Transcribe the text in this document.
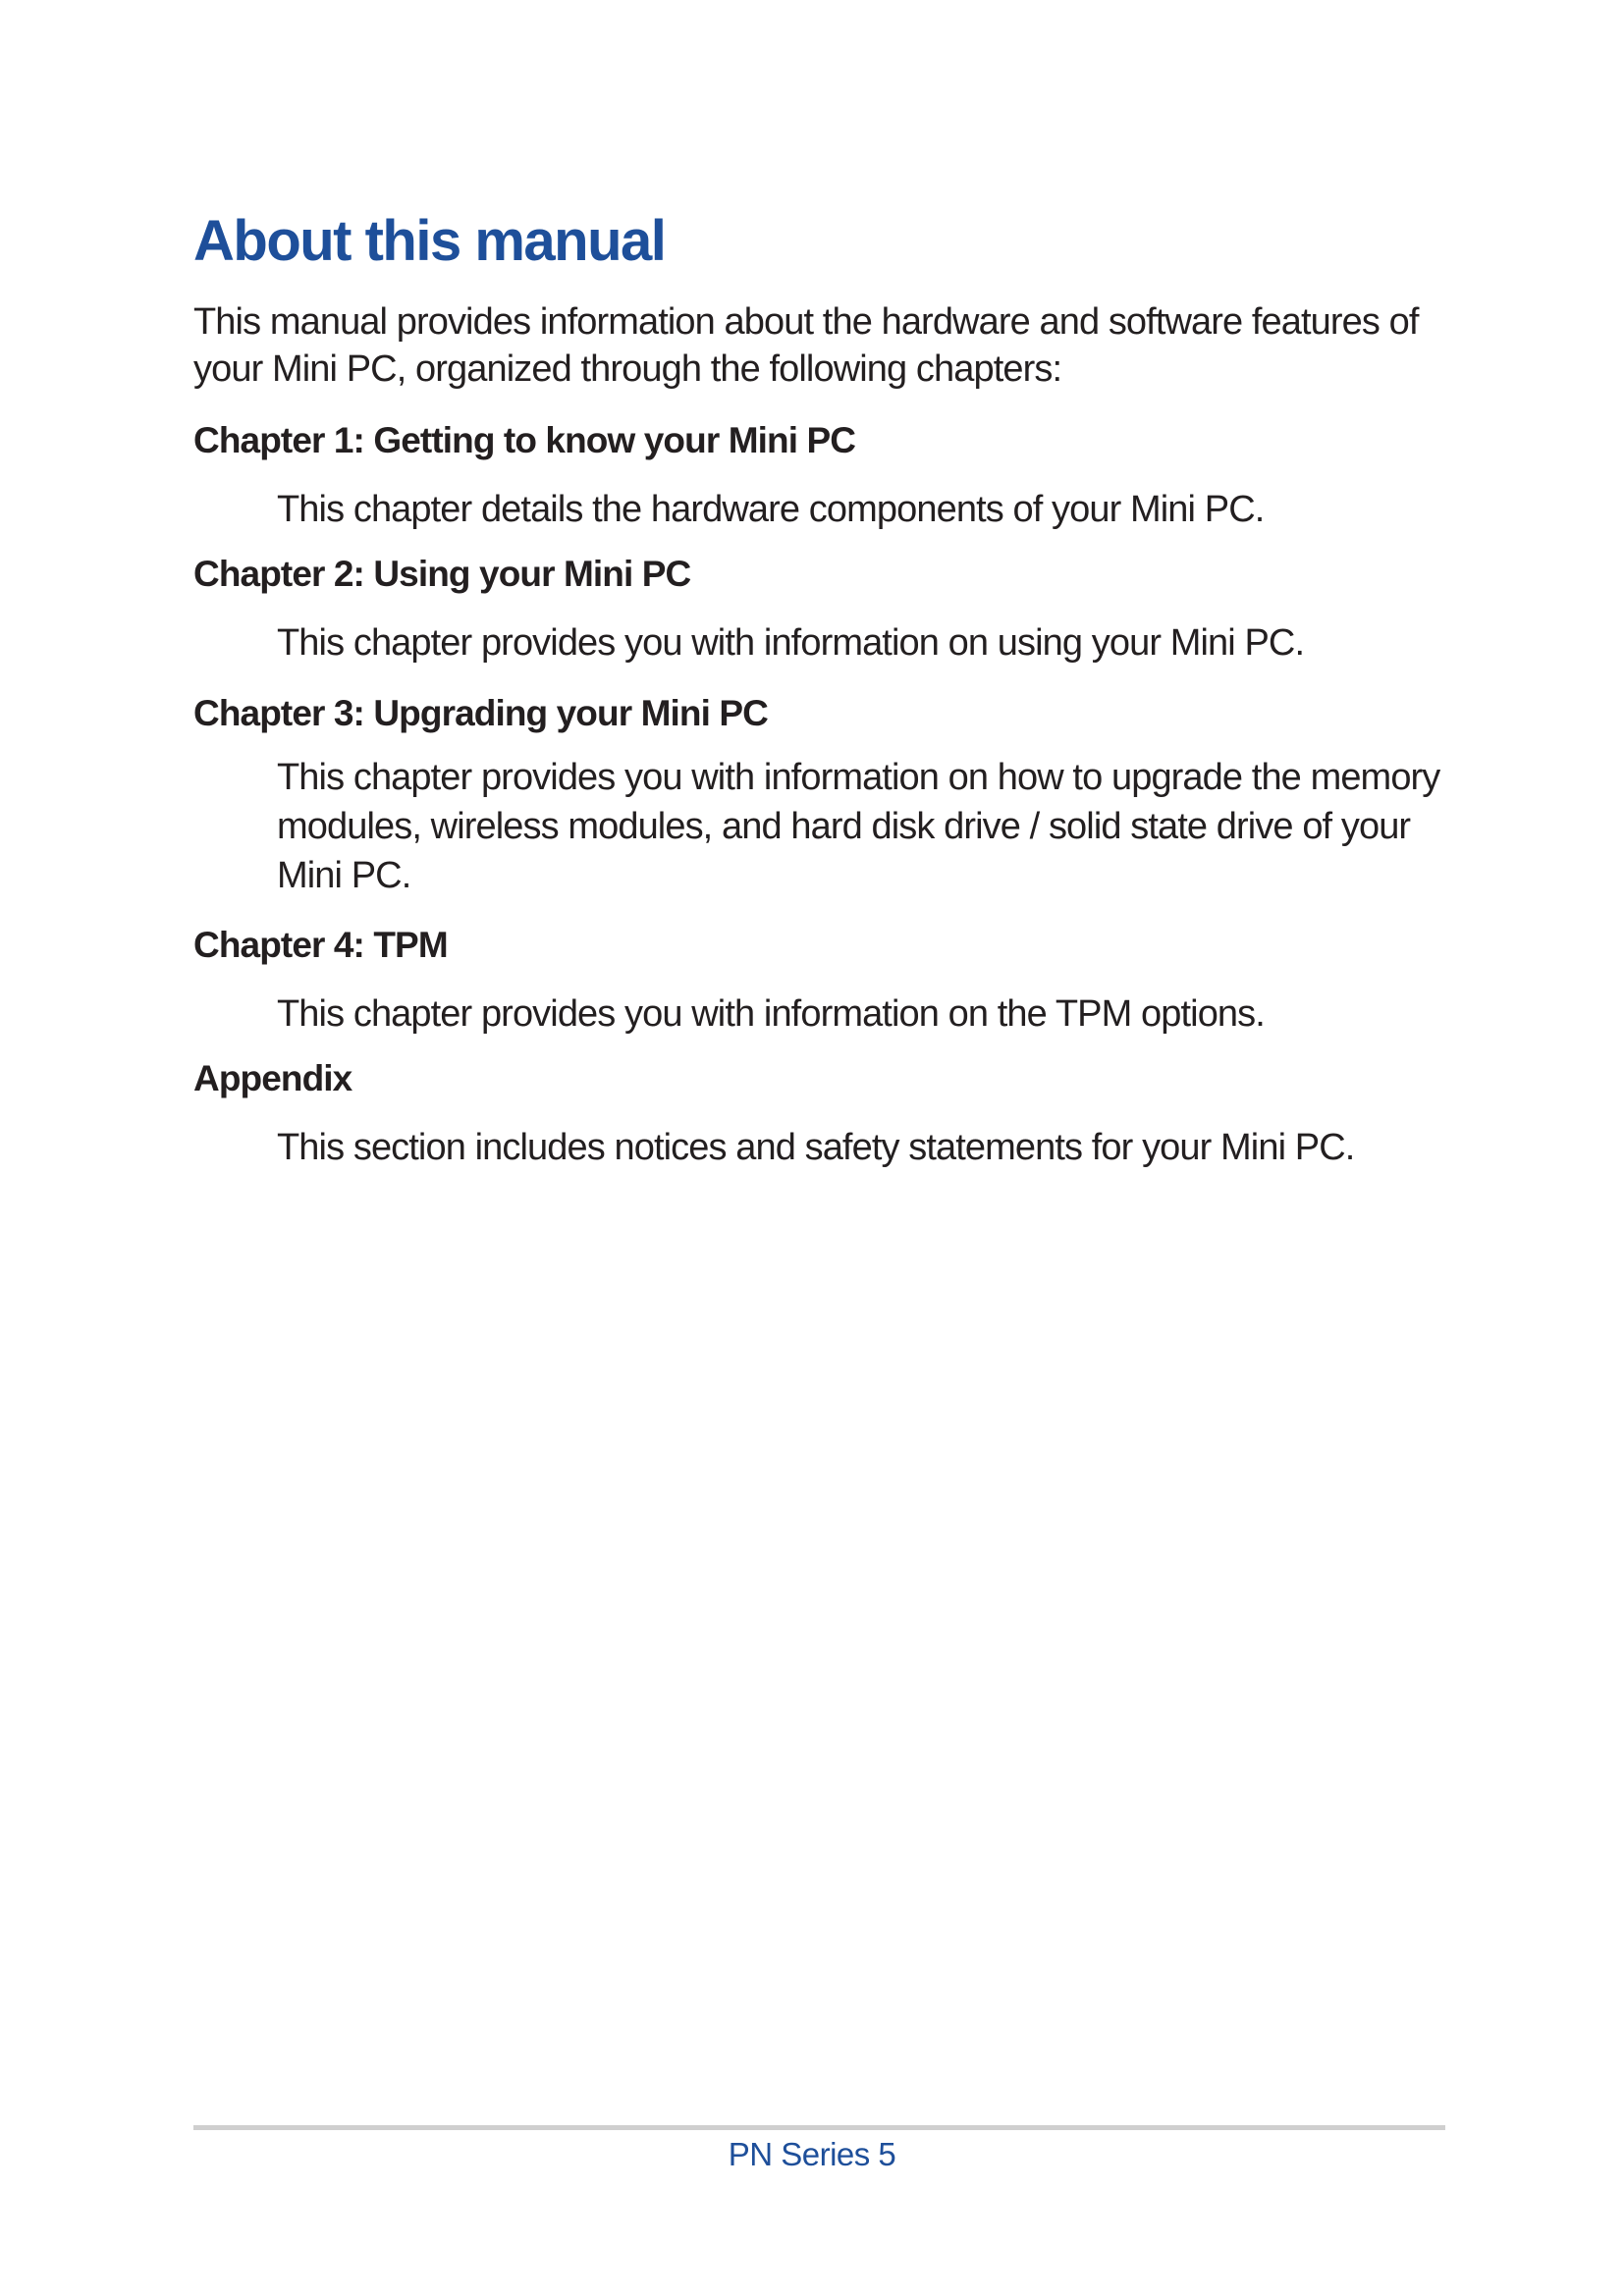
About this manual

This manual provides information about the hardware and software features of your Mini PC, organized through the following chapters:

Chapter 1: Getting to know your Mini PC

This chapter details the hardware components of your Mini PC.

Chapter 2: Using your Mini PC

This chapter provides you with information on using your Mini PC.

Chapter 3: Upgrading your Mini PC

This chapter provides you with information on how to upgrade the memory modules, wireless modules, and hard disk drive / solid state drive of your Mini PC.

Chapter 4: TPM

This chapter provides you with information on the TPM options.

Appendix

This section includes notices and safety statements for your Mini PC.

PN Series 5
